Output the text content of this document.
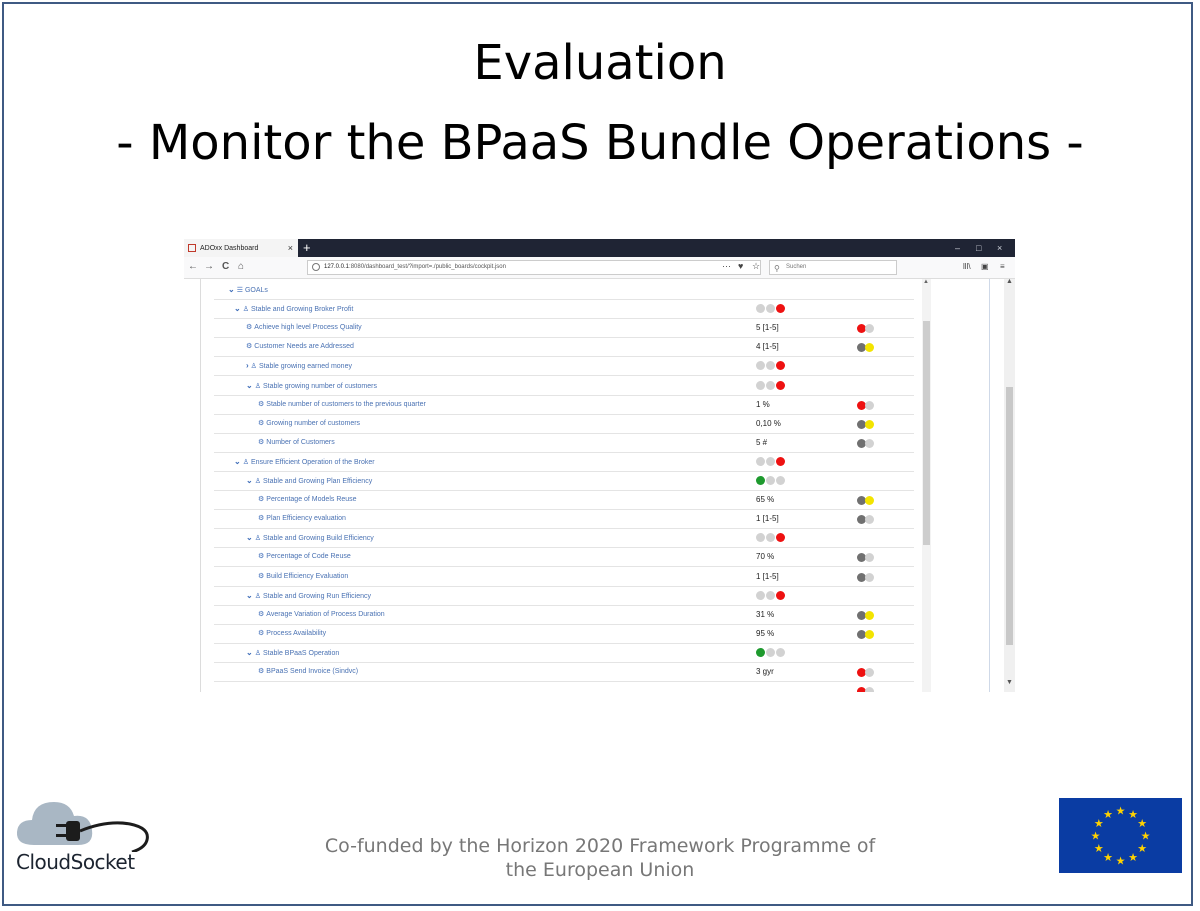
Evaluation
- Monitor the BPaaS Bundle Operations -
ADOxx Dashboard	× +	– □ ×
← → C ⌂	127.0.0.1:8080/dashboard_test/?import=./public_boards/cockpit.json	··· ♥ ☆ ⚲ Suchen	lll\ ▣ ≡
⌄ ☰ GOALs
⌄ ♙ Stable and Growing Broker Profit
⚙ Achieve high level Process Quality	5 [1-5]
⚙ Customer Needs are Addressed	4 [1-5]
› ♙ Stable growing earned money
⌄ ♙ Stable growing number of customers
⚙ Stable number of customers to the previous quarter	1 %
⚙ Growing number of customers	0,10 %
⚙ Number of Customers	5 #
⌄ ♙ Ensure Efficient Operation of the Broker
⌄ ♙ Stable and Growing Plan Efficiency
⚙ Percentage of Models Reuse	65 %
⚙ Plan Efficiency evaluation	1 [1-5]
⌄ ♙ Stable and Growing Build Efficiency
⚙ Percentage of Code Reuse	70 %
⚙ Build Efficiency Evaluation	1 [1-5]
⌄ ♙ Stable and Growing Run Efficiency
⚙ Average Variation of Process Duration	31 %
⚙ Process Availability	95 %
⌄ ♙ Stable BPaaS Operation
⚙ BPaaS Send Invoice (Sindvc)	3 gyr
▲	▲
▼
CloudSocket
Co-funded by the Horizon 2020 Framework Programme of
the European Union
★ ★
★
★
★
★
★
★
★
★
★
★
